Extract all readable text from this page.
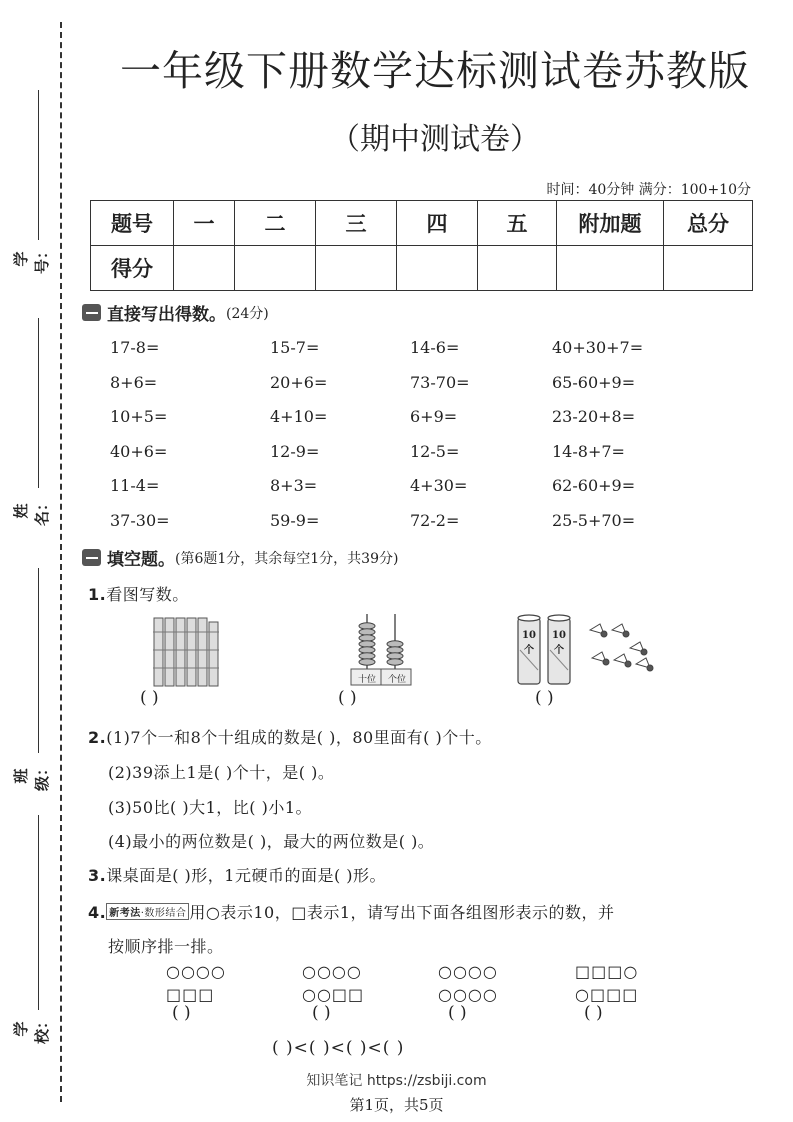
学号：
姓名：
班级：
学校：
一年级下册数学达标测试卷苏教版
（期中测试卷）
时间：40分钟 满分：100+10分
题号	一	二	三	四	五	附加题	总分
得分							
直接写出得数。 (24分)
17-8=	15-7=	14-6=	40+30+7=
8+6=	20+6=	73-70=	65-60+9=
10+5=	4+10=	6+9=	23-20+8=
40+6=	12-9=	12-5=	14-8+7=
11-4=	8+3=	4+30=	62-60+9=
37-30=	59-9=	72-2=	25-5+70=
填空题。 (第6题1分，其余每空1分，共39分)
1.看图写数。
( )
十位	个位
( )
10个
10个
( )
2.(1)7个一和8个十组成的数是( )，80里面有( )个十。
(2)39添上1是( )个十，是( )。
(3)50比( )大1，比( )小1。
(4)最小的两位数是( )，最大的两位数是( )。
3.课桌面是( )形，1元硬币的面是( )形。
4. 新考法·数形结合 用○表示10，□表示1，请写出下面各组图形表示的数，并
按顺序排一排。
○○○○
□□□
( )
○○○○
○○□□
( )
○○○○
○○○○
( )
□□□○
○□□□
( )
( )<( )<( )<( )
知识笔记 https://zsbiji.com
第1页，共5页
